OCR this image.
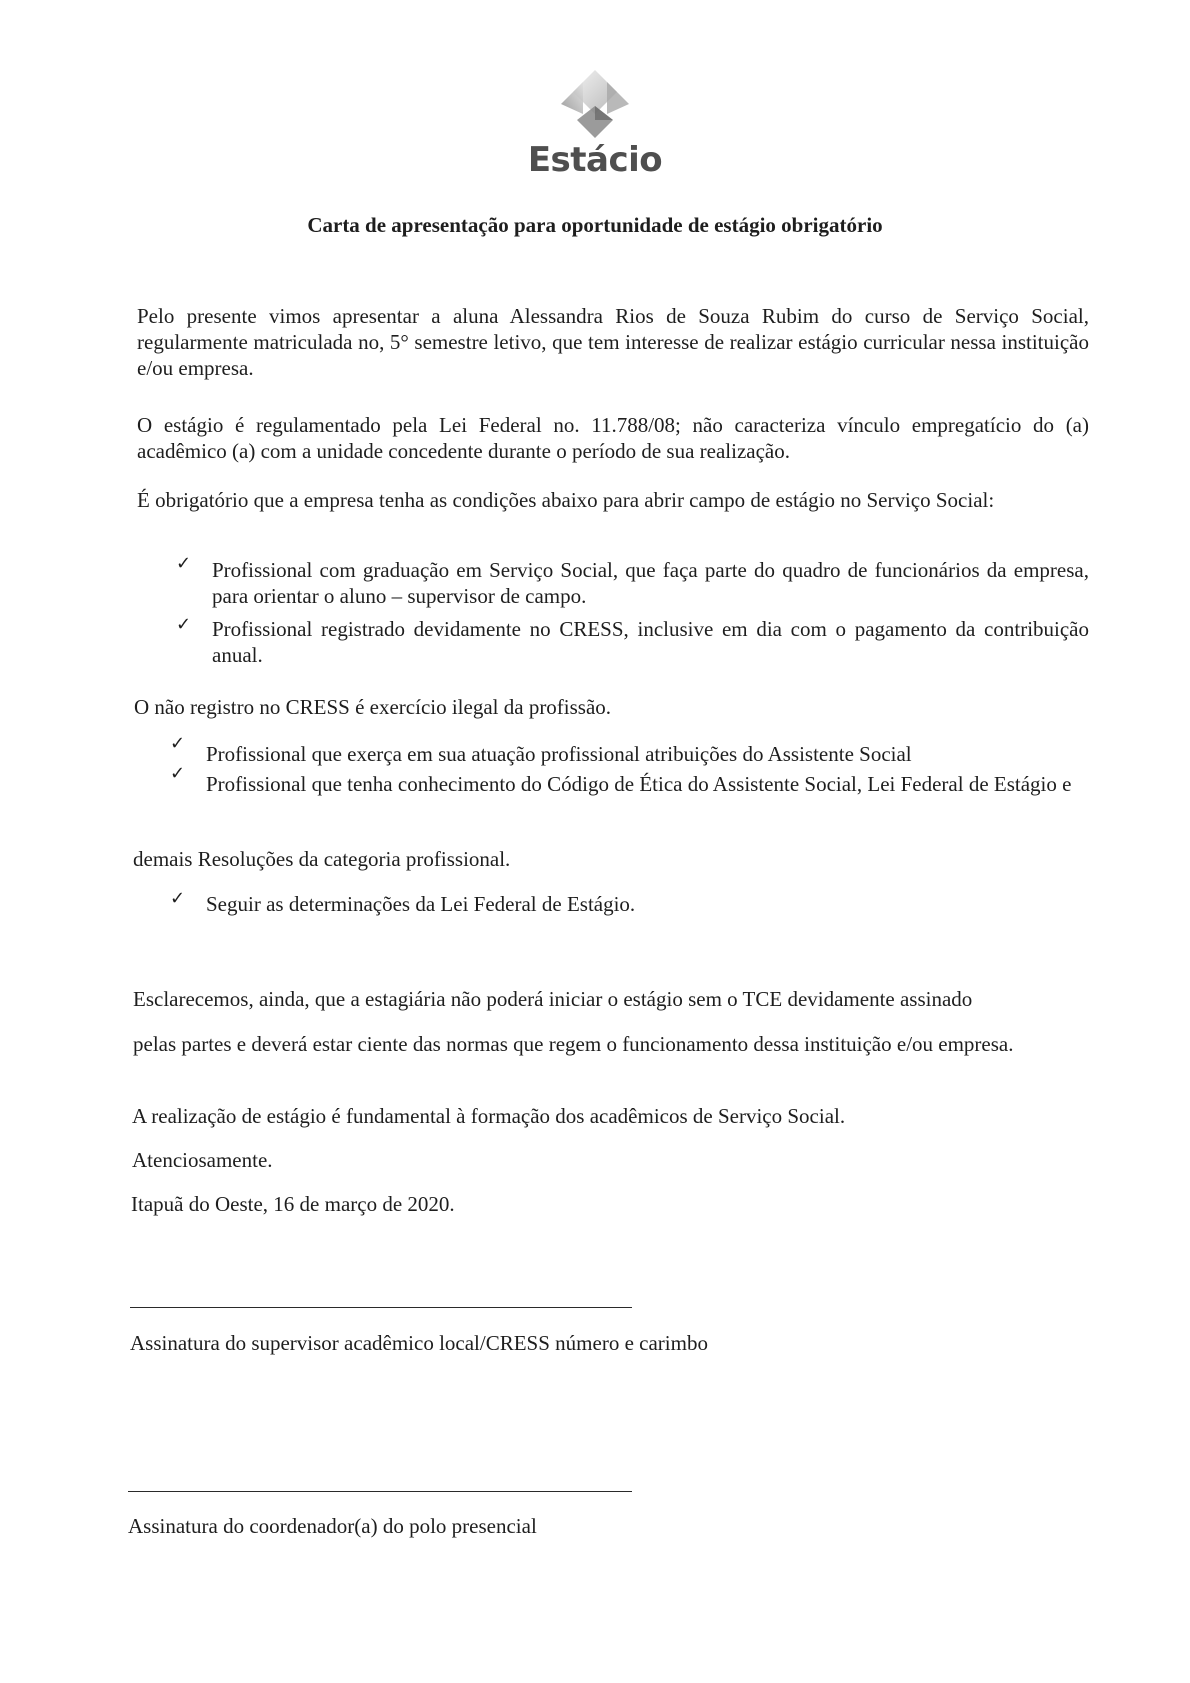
Estácio
Carta de apresentação para oportunidade de estágio obrigatório
Pelo presente vimos apresentar a aluna Alessandra Rios de Souza Rubim do curso de Serviço Social, regularmente matriculada no, 5° semestre letivo, que tem interesse de realizar estágio curricular nessa instituição e/ou empresa.
O estágio é regulamentado pela Lei Federal no. 11.788/08; não caracteriza vínculo empregatício do (a) acadêmico (a) com a unidade concedente durante o período de sua realização.
É obrigatório que a empresa tenha as condições abaixo para abrir campo de estágio no Serviço Social:
✓ Profissional com graduação em Serviço Social, que faça parte do quadro de funcionários da empresa, para orientar o aluno – supervisor de campo.
✓ Profissional registrado devidamente no CRESS, inclusive em dia com o pagamento da contribuição anual.
O não registro no CRESS é exercício ilegal da profissão.
✓ Profissional que exerça em sua atuação profissional atribuições do Assistente Social
✓ Profissional que tenha conhecimento do Código de Ética do Assistente Social, Lei Federal de Estágio e
demais Resoluções da categoria profissional.
✓ Seguir as determinações da Lei Federal de Estágio.
Esclarecemos, ainda, que a estagiária não poderá iniciar o estágio sem o TCE devidamente assinado
pelas partes e deverá estar ciente das normas que regem o funcionamento dessa instituição e/ou empresa.
A realização de estágio é fundamental à formação dos acadêmicos de Serviço Social.
Atenciosamente.
Itapuã do Oeste, 16 de março de 2020.
Assinatura do supervisor acadêmico local/CRESS número e carimbo
Assinatura do coordenador(a) do polo presencial
